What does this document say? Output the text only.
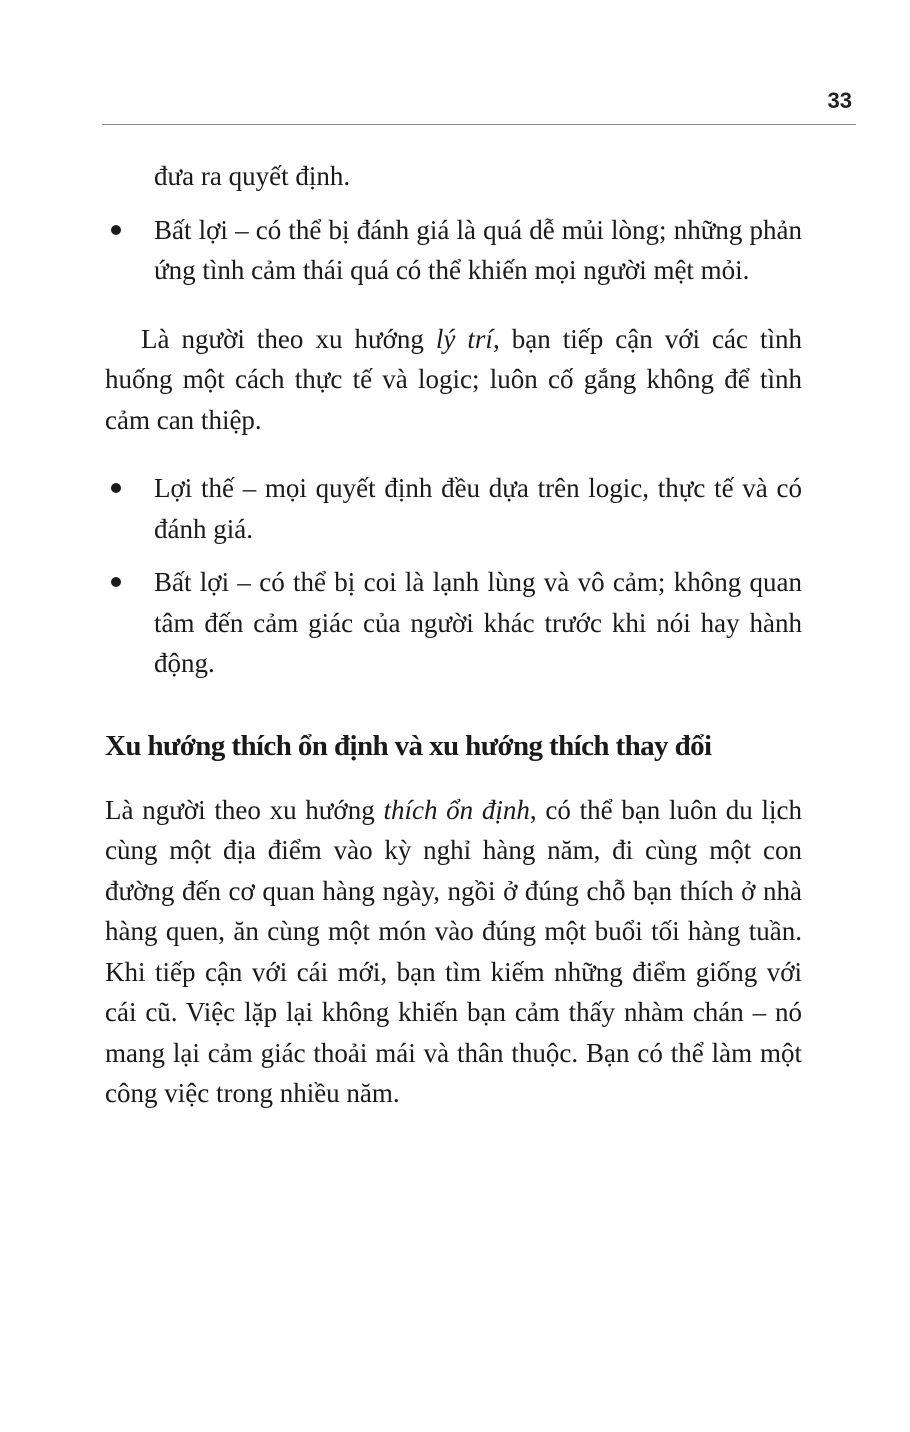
33

đưa ra quyết định.

Bất lợi – có thể bị đánh giá là quá dễ mủi lòng; những phản ứng tình cảm thái quá có thể khiến mọi người mệt mỏi.

Là người theo xu hướng lý trí, bạn tiếp cận với các tình huống một cách thực tế và logic; luôn cố gắng không để tình cảm can thiệp.

Lợi thế – mọi quyết định đều dựa trên logic, thực tế và có đánh giá.
Bất lợi – có thể bị coi là lạnh lùng và vô cảm; không quan tâm đến cảm giác của người khác trước khi nói hay hành động.
Xu hướng thích ổn định và xu hướng thích thay đổi

Là người theo xu hướng thích ổn định, có thể bạn luôn du lịch cùng một địa điểm vào kỳ nghỉ hàng năm, đi cùng một con đường đến cơ quan hàng ngày, ngồi ở đúng chỗ bạn thích ở nhà hàng quen, ăn cùng một món vào đúng một buổi tối hàng tuần. Khi tiếp cận với cái mới, bạn tìm kiếm những điểm giống với cái cũ. Việc lặp lại không khiến bạn cảm thấy nhàm chán – nó mang lại cảm giác thoải mái và thân thuộc. Bạn có thể làm một công việc trong nhiều năm.
